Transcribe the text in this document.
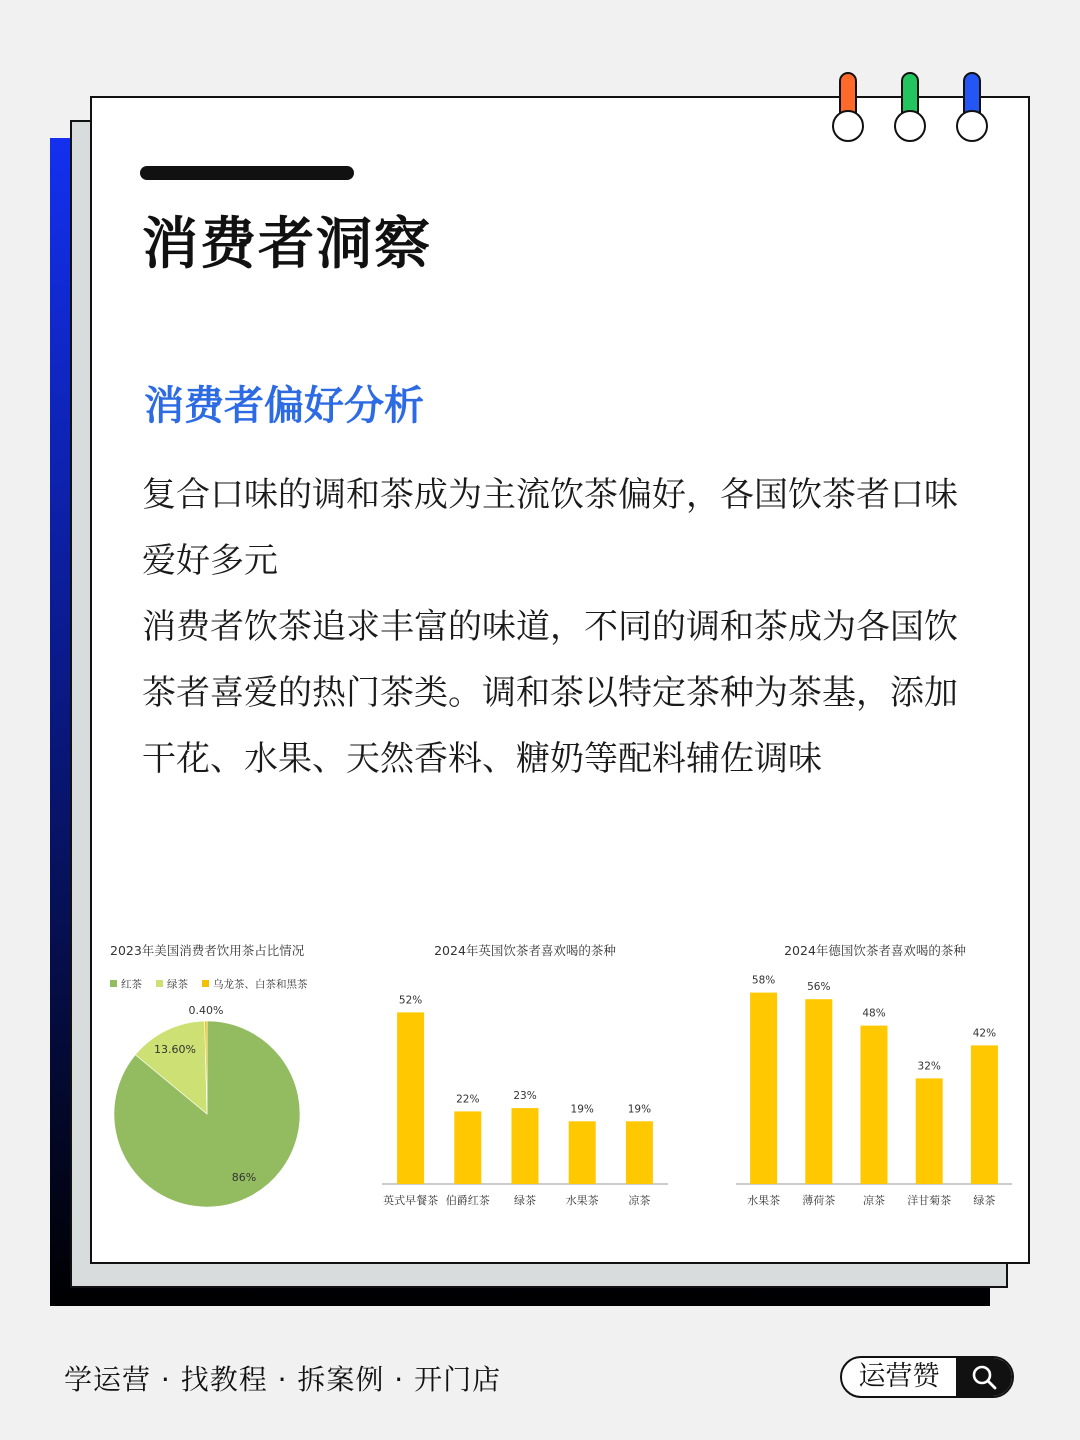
消费者洞察
消费者偏好分析

复合口味的调和茶成为主流饮茶偏好，各国饮茶者口味爱好多元

消费者饮茶追求丰富的味道，不同的调和茶成为各国饮茶者喜爱的热门茶类。调和茶以特定茶种为茶基，添加干花、水果、天然香料、糖奶等配料辅佐调味

2023年美国消费者饮用茶占比情况
红茶 绿茶 乌龙茶、白茶和黑茶
86%
13.60%
0.40%
2024年英国饮茶者喜欢喝的茶种
52%
英式早餐茶
22%
伯爵红茶
23%
绿茶
19%
水果茶
19%
凉茶
2024年德国饮茶者喜欢喝的茶种
58%
水果茶
56%
薄荷茶
48%
凉茶
32%
洋甘菊茶
42%
绿茶
学运营 · 找教程 · 拆案例 · 开门店	运营赞
